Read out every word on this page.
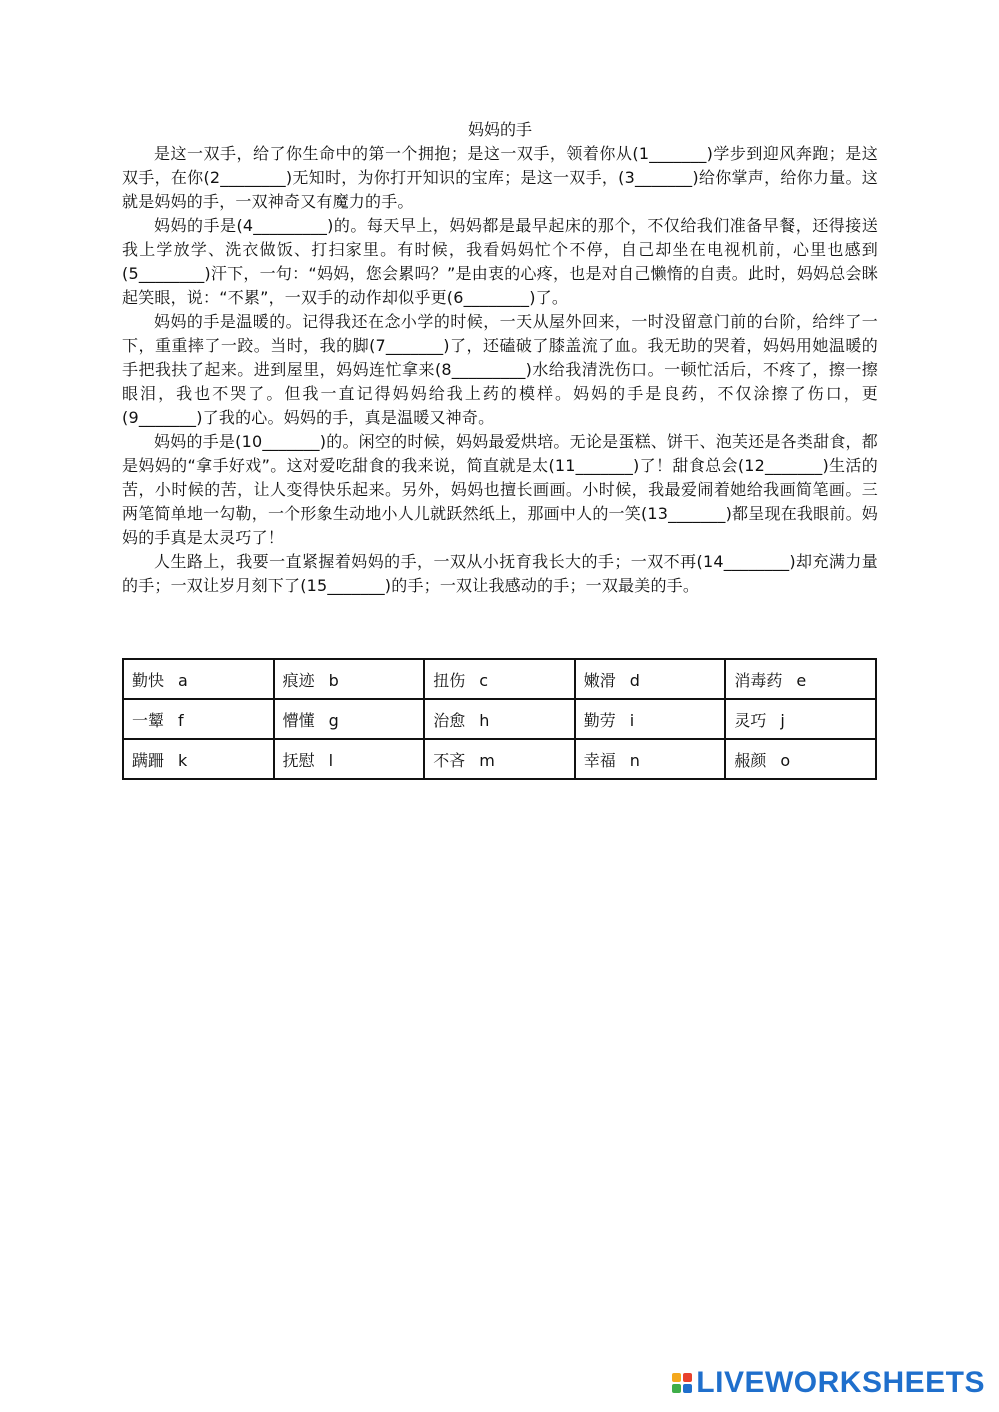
妈妈的手

是这一双手，给了你生命中的第一个拥抱；是这一双手，领着你从(1_______)学步到迎风奔跑；是这双手，在你(2________)无知时，为你打开知识的宝库；是这一双手，(3_______)给你掌声，给你力量。这就是妈妈的手，一双神奇又有魔力的手。

妈妈的手是(4_________)的。每天早上，妈妈都是最早起床的那个，不仅给我们准备早餐，还得接送我上学放学、洗衣做饭、打扫家里。有时候，我看妈妈忙个不停，自己却坐在电视机前，心里也感到(5________)汗下，一句：“妈妈，您会累吗？”是由衷的心疼，也是对自己懒惰的自责。此时，妈妈总会眯起笑眼，说：“不累”，一双手的动作却似乎更(6________)了。

妈妈的手是温暖的。记得我还在念小学的时候，一天从屋外回来，一时没留意门前的台阶，给绊了一下，重重摔了一跤。当时，我的脚(7_______)了，还磕破了膝盖流了血。我无助的哭着，妈妈用她温暖的手把我扶了起来。进到屋里，妈妈连忙拿来(8_________)水给我清洗伤口。一顿忙活后，不疼了，擦一擦眼泪，我也不哭了。但我一直记得妈妈给我上药的模样。妈妈的手是良药，不仅涂擦了伤口，更(9_______)了我的心。妈妈的手，真是温暖又神奇。

妈妈的手是(10_______)的。闲空的时候，妈妈最爱烘培。无论是蛋糕、饼干、泡芙还是各类甜食，都是妈妈的“拿手好戏”。这对爱吃甜食的我来说，简直就是太(11_______)了！甜食总会(12_______)生活的苦，小时候的苦，让人变得快乐起来。另外，妈妈也擅长画画。小时候，我最爱闹着她给我画简笔画。三两笔简单地一勾勒，一个形象生动地小人儿就跃然纸上，那画中人的一笑(13_______)都呈现在我眼前。妈妈的手真是太灵巧了！

人生路上，我要一直紧握着妈妈的手，一双从小抚育我长大的手；一双不再(14________)却充满力量的手；一双让岁月刻下了(15_______)的手；一双让我感动的手；一双最美的手。

勤快 a	痕迹 b	扭伤 c	嫩滑 d	消毒药 e
一颦 f	懵懂 g	治愈 h	勤劳 i	灵巧 j
蹒跚 k	抚慰 l	不吝 m	幸福 n	赧颜 o
LIVEWORKSHEETS
